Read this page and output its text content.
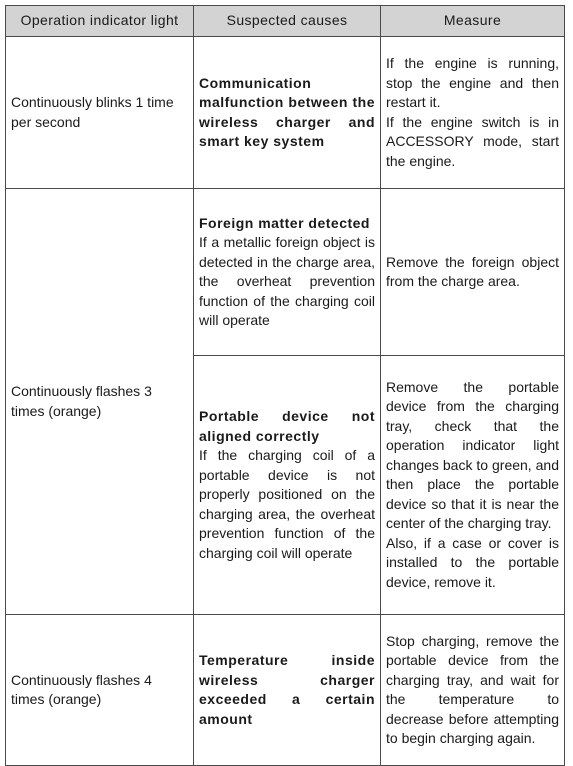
Operation indicator light	Suspected causes	Measure

Continuously blinks 1 time per second	Communication malfunction between the wireless charger and smart key system	If the engine is running, stop the engine and then restart it.
If the engine switch is in ACCESSORY mode, start the engine.

Continuously flashes 3 times (orange)	Foreign matter detected
If a metallic foreign object is detected in the charge area, the overheat prevention function of the charging coil will operate	Remove the foreign object from the charge area.

	Portable device not aligned correctly
If the charging coil of a portable device is not properly positioned on the charging area, the overheat prevention function of the charging coil will operate	Remove the portable device from the charging tray, check that the operation indicator light changes back to green, and then place the portable device so that it is near the center of the charging tray.
Also, if a case or cover is installed to the portable device, remove it.

Continuously flashes 4 times (orange)	Temperature inside wireless charger exceeded a certain amount	Stop charging, remove the portable device from the charging tray, and wait for the temperature to decrease before attempting to begin charging again.
